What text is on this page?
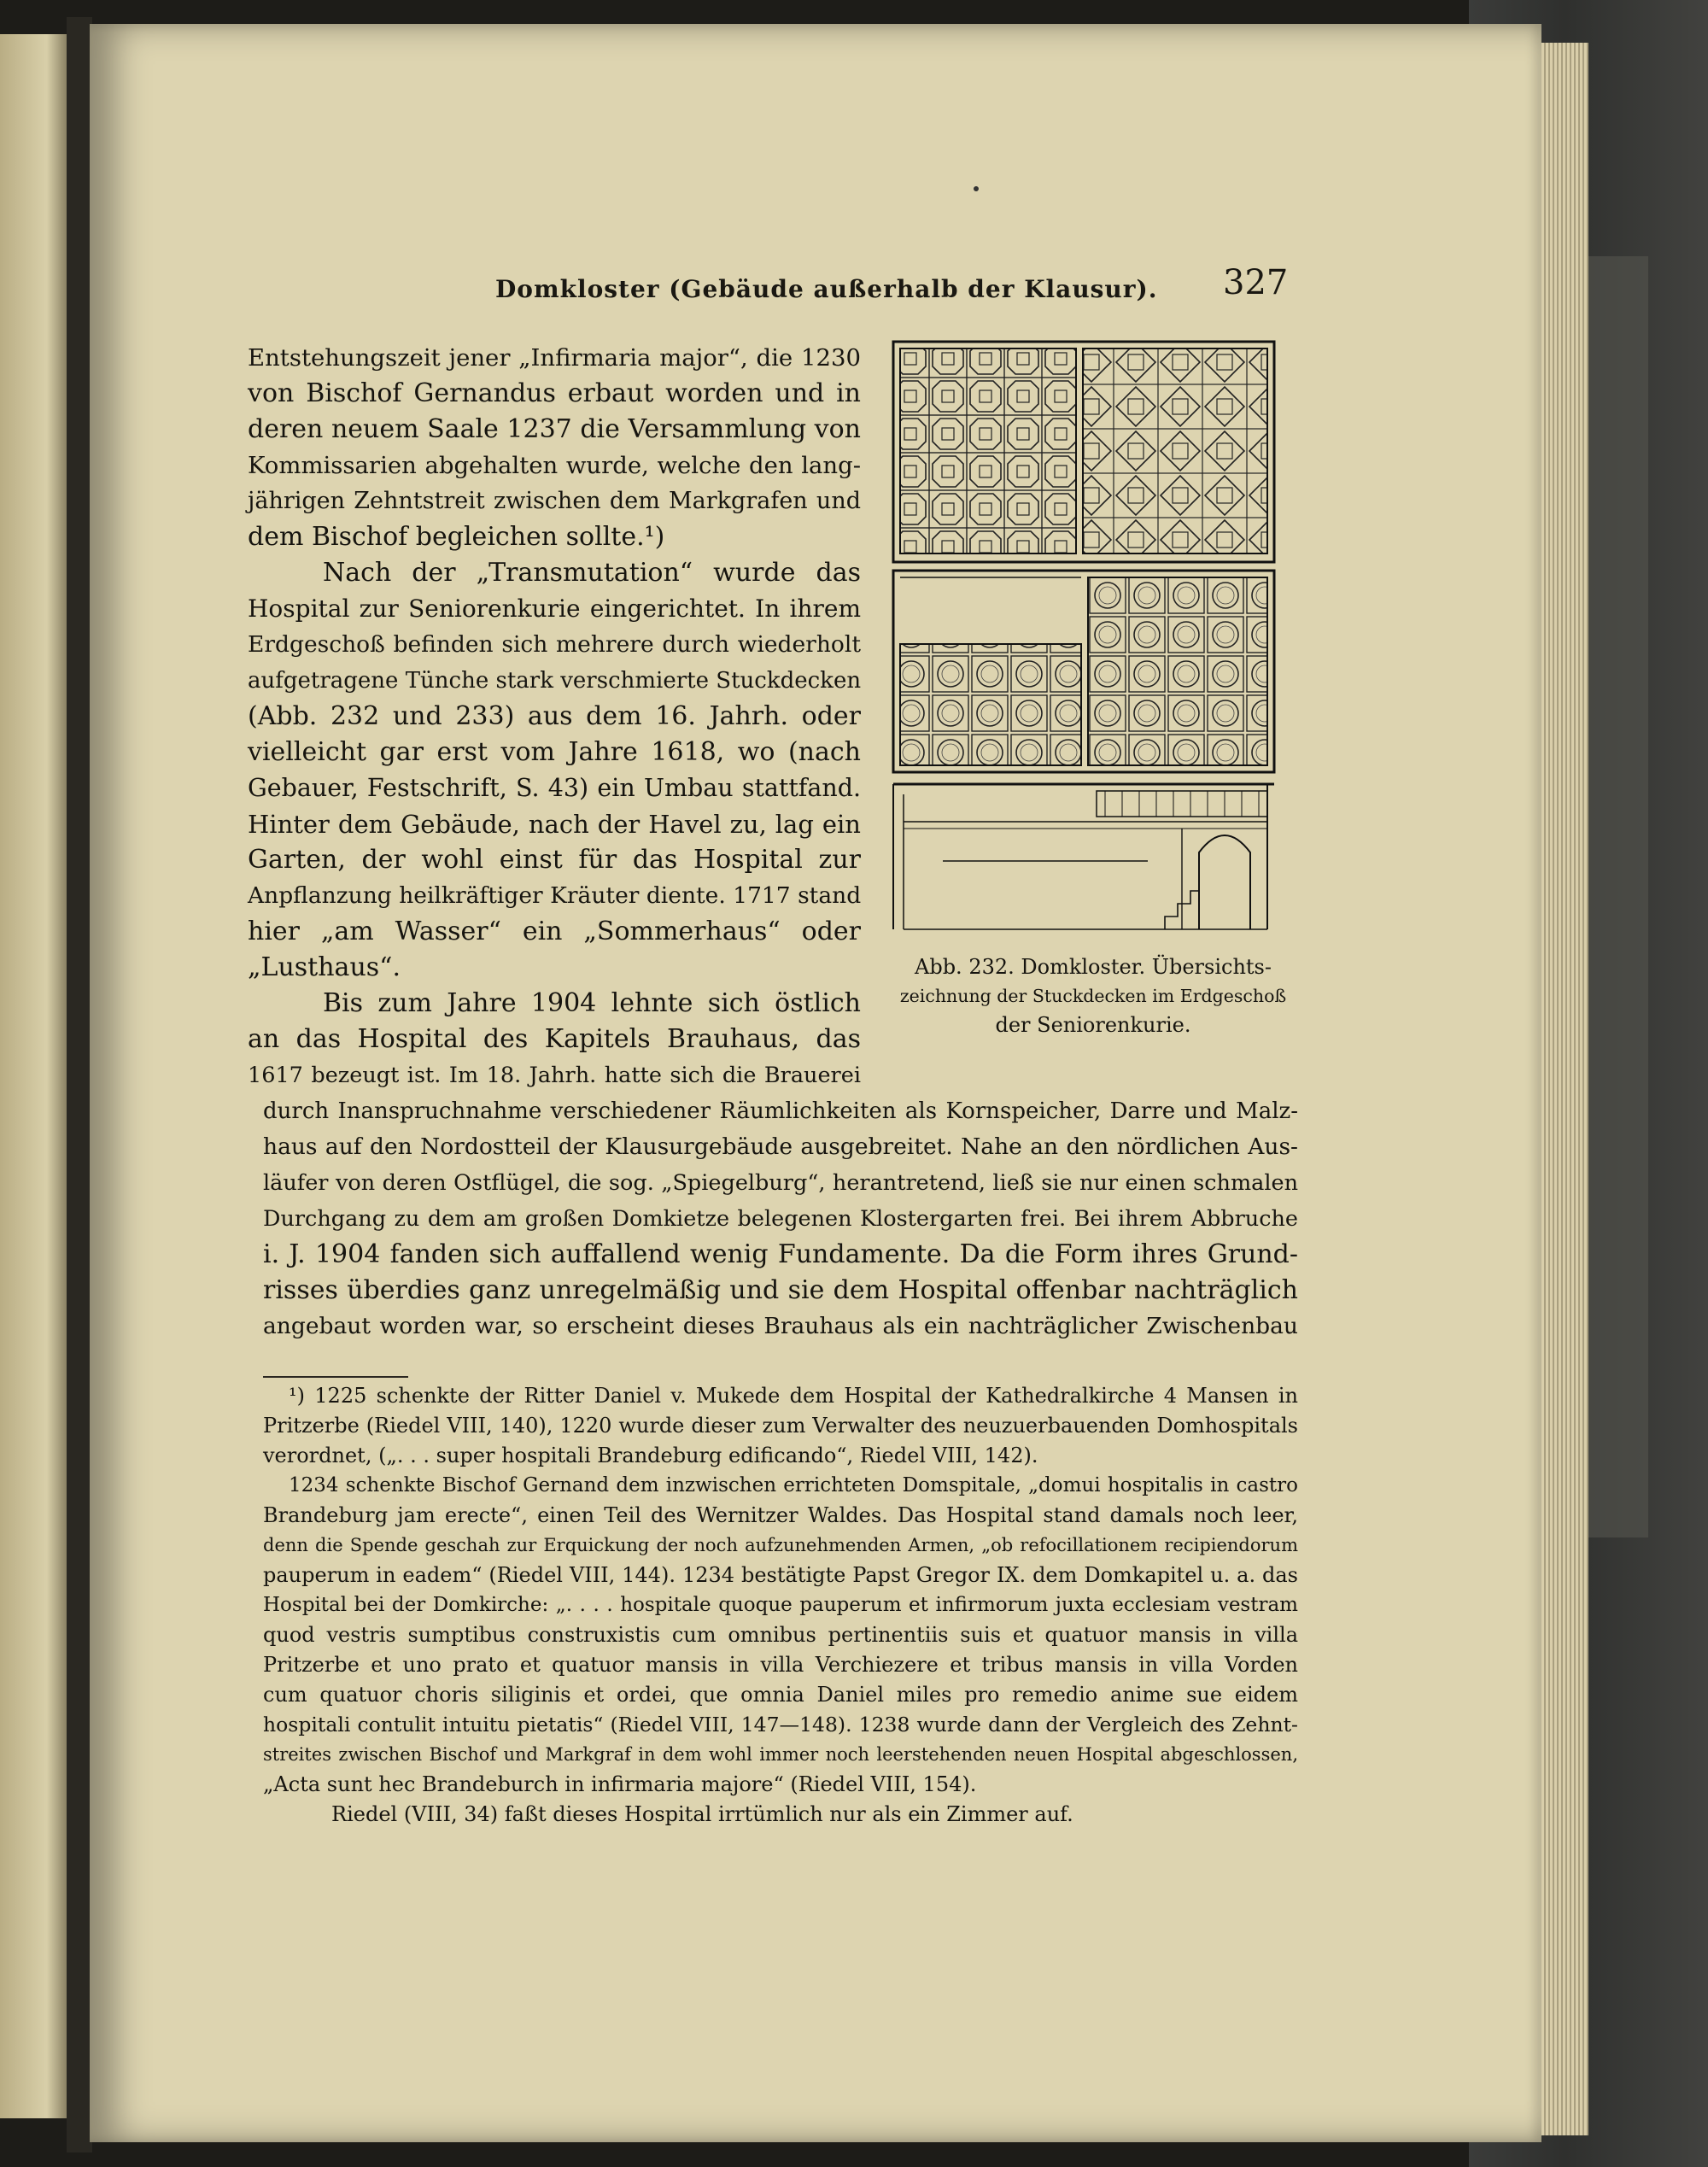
Domkloster (Gebäude außerhalb der Klausur). 327
Entstehungszeit jener „Infirmaria major“, die 1230
von Bischof Gernandus erbaut worden und in
deren neuem Saale 1237 die Versammlung von
Kommissarien abgehalten wurde, welche den lang-
jährigen Zehntstreit zwischen dem Markgrafen und
dem Bischof begleichen sollte.¹)
Nach der „Transmutation“ wurde das
Hospital zur Seniorenkurie eingerichtet. In ihrem
Erdgeschoß befinden sich mehrere durch wiederholt
aufgetragene Tünche stark verschmierte Stuckdecken
(Abb. 232 und 233) aus dem 16. Jahrh. oder
vielleicht gar erst vom Jahre 1618, wo (nach
Gebauer, Festschrift, S. 43) ein Umbau stattfand.
Hinter dem Gebäude, nach der Havel zu, lag ein
Garten, der wohl einst für das Hospital zur
Anpflanzung heilkräftiger Kräuter diente. 1717 stand
hier „am Wasser“ ein „Sommerhaus“ oder
„Lusthaus“.
Bis zum Jahre 1904 lehnte sich östlich
an das Hospital des Kapitels Brauhaus, das
1617 bezeugt ist. Im 18. Jahrh. hatte sich die Brauerei
durch Inanspruchnahme verschiedener Räumlichkeiten als Kornspeicher, Darre und Malz-
haus auf den Nordostteil der Klausurgebäude ausgebreitet. Nahe an den nördlichen Aus-
läufer von deren Ostflügel, die sog. „Spiegelburg“, herantretend, ließ sie nur einen schmalen
Durchgang zu dem am großen Domkietze belegenen Klostergarten frei. Bei ihrem Abbruche
i. J. 1904 fanden sich auffallend wenig Fundamente. Da die Form ihres Grund-
risses überdies ganz unregelmäßig und sie dem Hospital offenbar nachträglich
angebaut worden war, so erscheint dieses Brauhaus als ein nachträglicher Zwischenbau
Abb. 232. Domkloster. Übersichts-
zeichnung der Stuckdecken im Erdgeschoß
der Seniorenkurie.
¹) 1225 schenkte der Ritter Daniel v. Mukede dem Hospital der Kathedralkirche 4 Mansen in
Pritzerbe (Riedel VIII, 140), 1220 wurde dieser zum Verwalter des neuzuerbauenden Domhospitals
verordnet, („. . . super hospitali Brandeburg edificando“, Riedel VIII, 142).
1234 schenkte Bischof Gernand dem inzwischen errichteten Domspitale, „domui hospitalis in castro
Brandeburg jam erecte“, einen Teil des Wernitzer Waldes. Das Hospital stand damals noch leer,
denn die Spende geschah zur Erquickung der noch aufzunehmenden Armen, „ob refocillationem recipiendorum
pauperum in eadem“ (Riedel VIII, 144). 1234 bestätigte Papst Gregor IX. dem Domkapitel u. a. das
Hospital bei der Domkirche: „. . . . hospitale quoque pauperum et infirmorum juxta ecclesiam vestram
quod vestris sumptibus construxistis cum omnibus pertinentiis suis et quatuor mansis in villa
Pritzerbe et uno prato et quatuor mansis in villa Verchiezere et tribus mansis in villa Vorden
cum quatuor choris siliginis et ordei, que omnia Daniel miles pro remedio anime sue eidem
hospitali contulit intuitu pietatis“ (Riedel VIII, 147—148). 1238 wurde dann der Vergleich des Zehnt-
streites zwischen Bischof und Markgraf in dem wohl immer noch leerstehenden neuen Hospital abgeschlossen,
„Acta sunt hec Brandeburch in infirmaria majore“ (Riedel VIII, 154).
Riedel (VIII, 34) faßt dieses Hospital irrtümlich nur als ein Zimmer auf.
